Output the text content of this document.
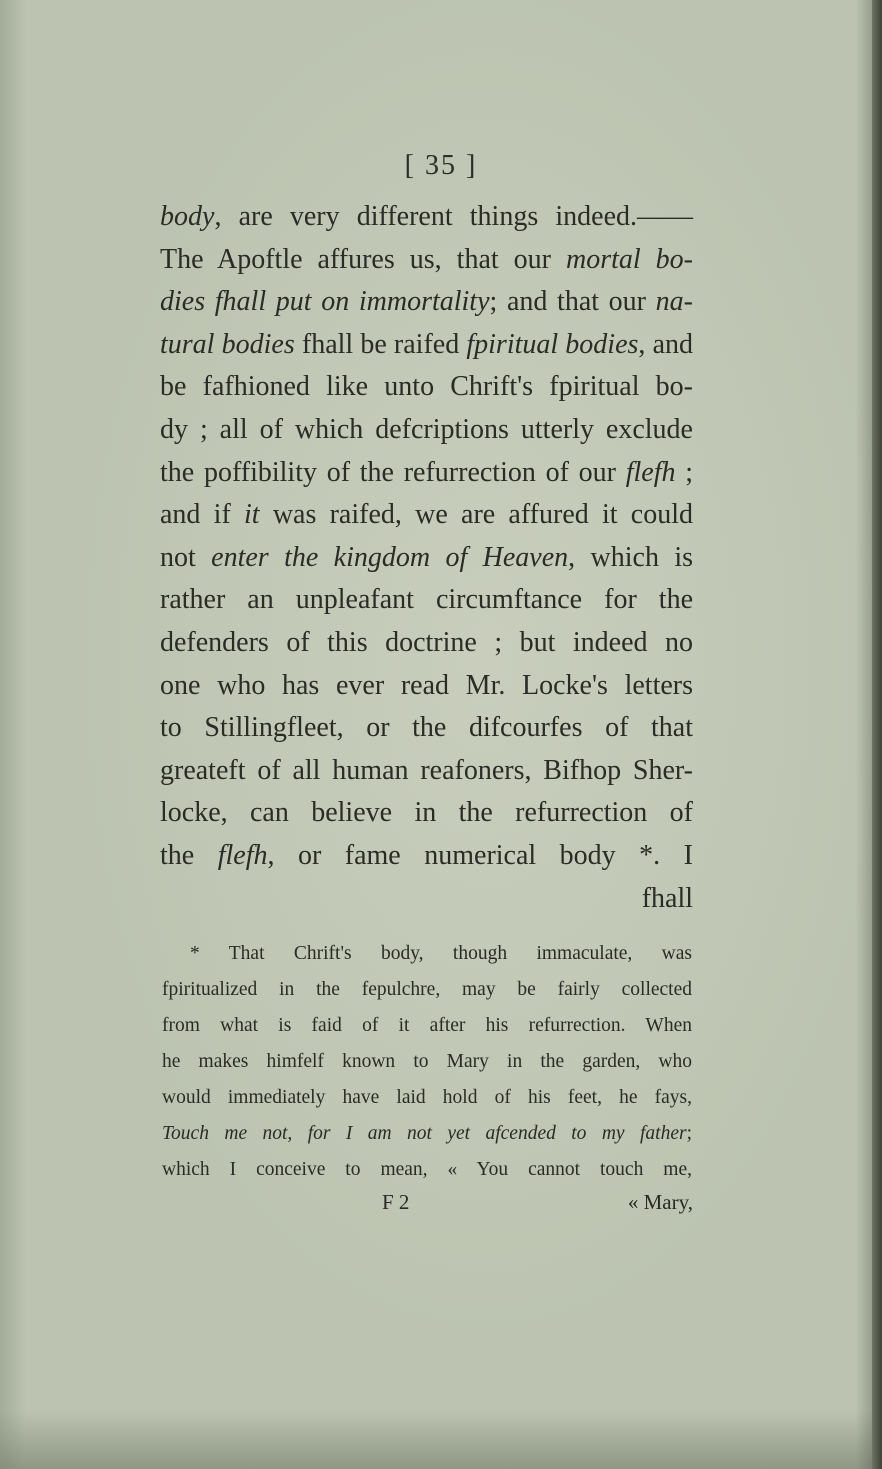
[ 35 ]
body, are very different things indeed.——
The Apoftle affures us, that our mortal bo-
dies fhall put on immortality; and that our na-
tural bodies fhall be raifed fpiritual bodies, and
be fafhioned like unto Chrift's fpiritual bo-
dy ; all of which defcriptions utterly exclude
the poffibility of the refurrection of our flefh ;
and if it was raifed, we are affured it could
not enter the kingdom of Heaven, which is
rather an unpleafant circumftance for the
defenders of this doctrine ; but indeed no
one who has ever read Mr. Locke's letters
to Stillingfleet, or the difcourfes of that
greateft of all human reafoners, Bifhop Sher-
locke, can believe in the refurrection of
the flefh, or fame numerical body *. I
fhall
* That Chrift's body, though immaculate, was
fpiritualized in the fepulchre, may be fairly collected
from what is faid of it after his refurrection. When
he makes himfelf known to Mary in the garden, who
would immediately have laid hold of his feet, he fays,
Touch me not, for I am not yet afcended to my father;
which I conceive to mean, « You cannot touch me,
F 2	« Mary,
